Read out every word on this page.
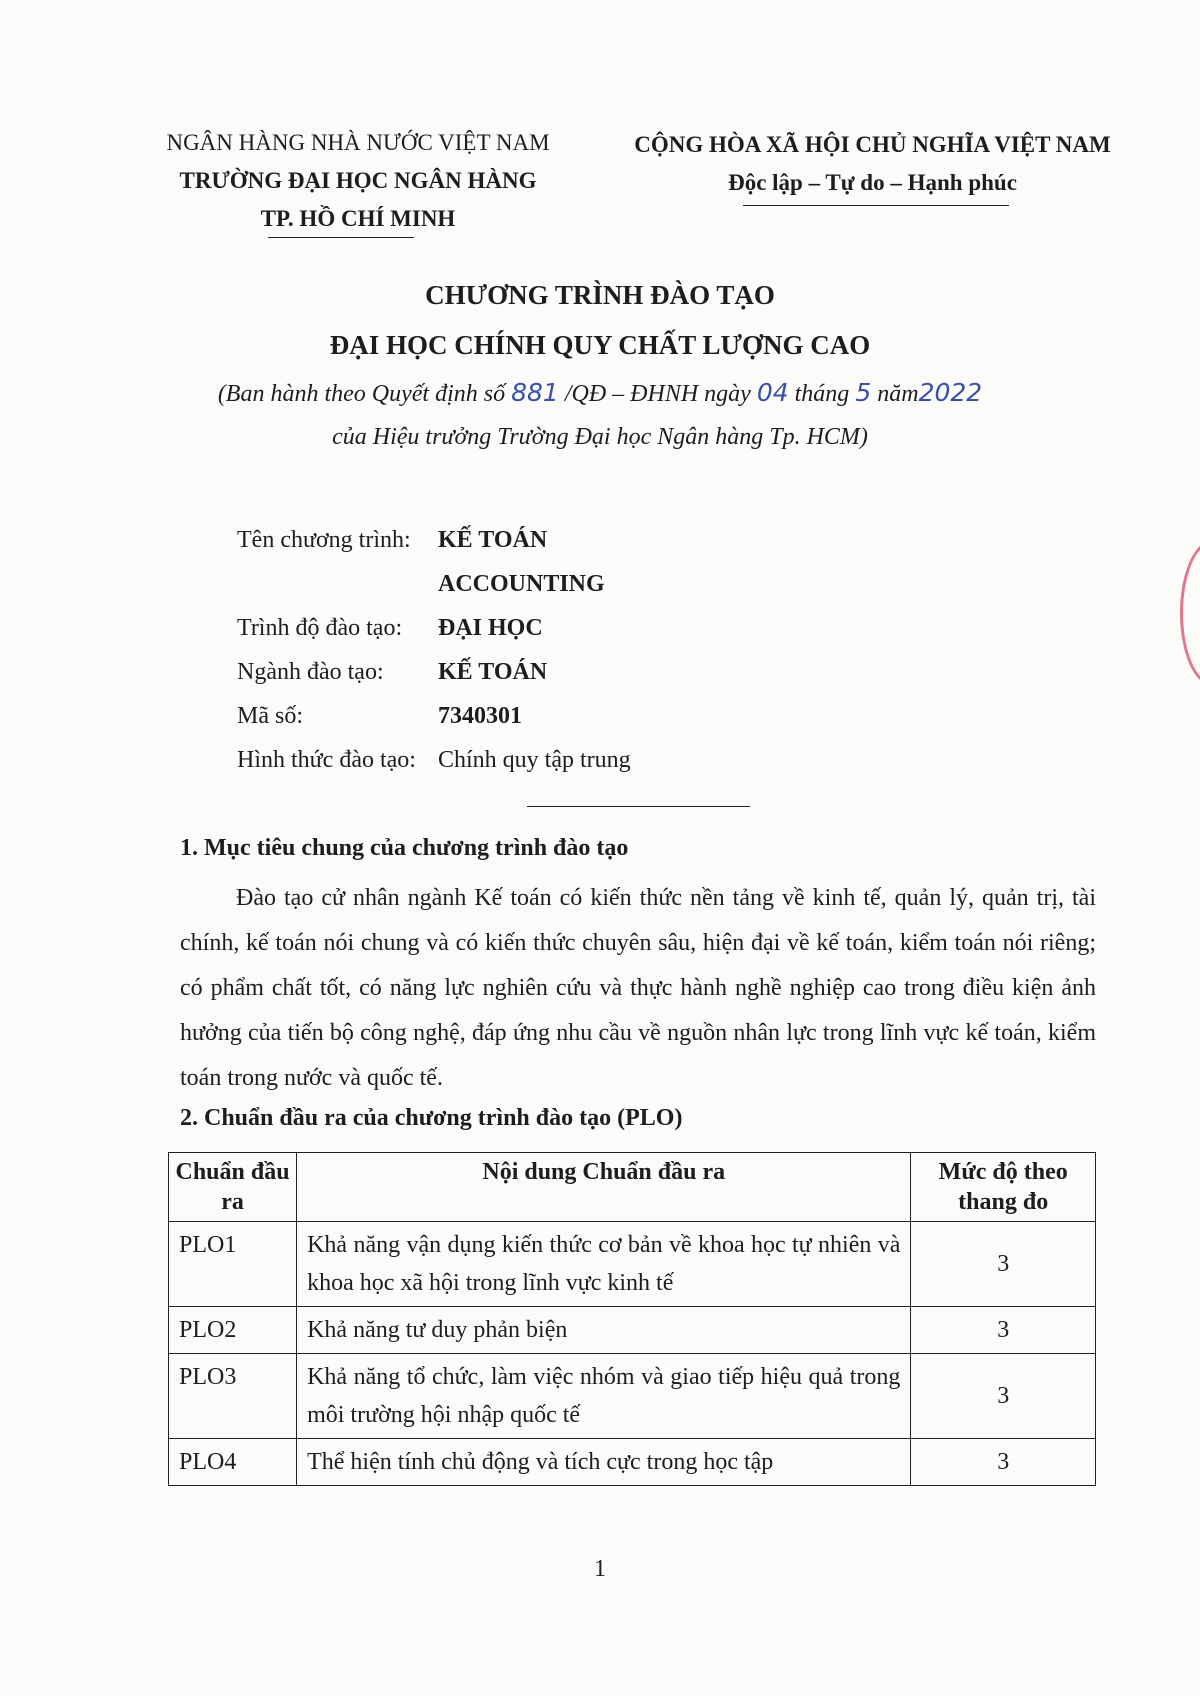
NGÂN HÀNG NHÀ NƯỚC VIỆT NAM
TRƯỜNG ĐẠI HỌC NGÂN HÀNG
TP. HỒ CHÍ MINH
CỘNG HÒA XÃ HỘI CHỦ NGHĨA VIỆT NAM
Độc lập – Tự do – Hạnh phúc
CHƯƠNG TRÌNH ĐÀO TẠO
ĐẠI HỌC CHÍNH QUY CHẤT LƯỢNG CAO
(Ban hành theo Quyết định số 881 /QĐ – ĐHNH ngày 04 tháng 5 năm2022
của Hiệu trưởng Trường Đại học Ngân hàng Tp. HCM)
Tên chương trình: KẾ TOÁN
ACCOUNTING
Trình độ đào tạo: ĐẠI HỌC
Ngành đào tạo: KẾ TOÁN
Mã số:	7340301
Hình thức đào tạo: Chính quy tập trung
1. Mục tiêu chung của chương trình đào tạo

Đào tạo cử nhân ngành Kế toán có kiến thức nền tảng về kinh tế, quản lý, quản trị, tài chính, kế toán nói chung và có kiến thức chuyên sâu, hiện đại về kế toán, kiểm toán nói riêng; có phẩm chất tốt, có năng lực nghiên cứu và thực hành nghề nghiệp cao trong điều kiện ảnh hưởng của tiến bộ công nghệ, đáp ứng nhu cầu về nguồn nhân lực trong lĩnh vực kế toán, kiểm toán trong nước và quốc tế.

2. Chuẩn đầu ra của chương trình đào tạo (PLO)
Chuẩn đầu ra	Nội dung Chuẩn đầu ra	Mức độ theo thang đo
PLO1	Khả năng vận dụng kiến thức cơ bản về khoa học tự nhiên và khoa học xã hội trong lĩnh vực kinh tế	3
PLO2	Khả năng tư duy phản biện	3
PLO3	Khả năng tổ chức, làm việc nhóm và giao tiếp hiệu quả trong môi trường hội nhập quốc tế	3
PLO4	Thể hiện tính chủ động và tích cực trong học tập	3
1
